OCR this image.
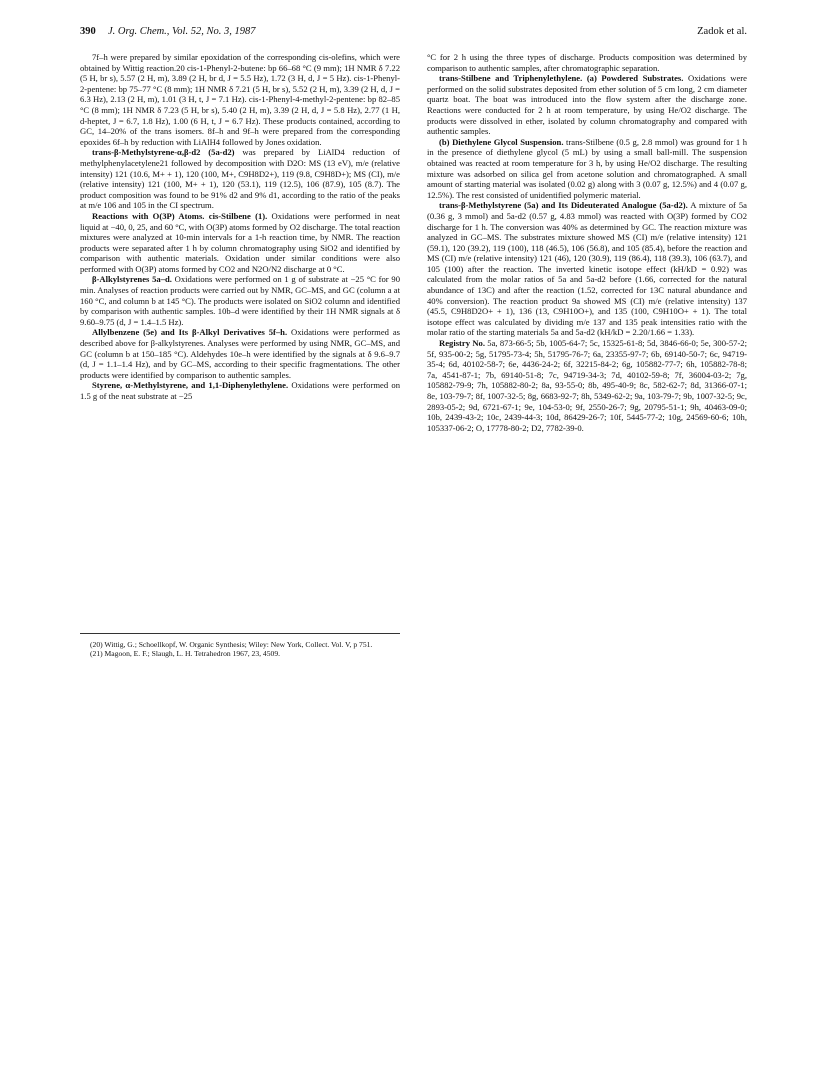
390 J. Org. Chem., Vol. 52, No. 3, 1987	Zadok et al.

7f–h were prepared by similar epoxidation of the corresponding cis-olefins, which were obtained by Wittig reaction.20 cis-1-Phenyl-2-butene: bp 66–68 °C (9 mm); 1H NMR δ 7.22 (5 H, br s), 5.57 (2 H, m), 3.89 (2 H, br d, J = 5.5 Hz), 1.72 (3 H, d, J = 5 Hz). cis-1-Phenyl-2-pentene: bp 75–77 °C (8 mm); 1H NMR δ 7.21 (5 H, br s), 5.52 (2 H, m), 3.39 (2 H, d, J = 6.3 Hz), 2.13 (2 H, m), 1.01 (3 H, t, J = 7.1 Hz). cis-1-Phenyl-4-methyl-2-pentene: bp 82–85 °C (8 mm); 1H NMR δ 7.23 (5 H, br s), 5.40 (2 H, m), 3.39 (2 H, d, J = 5.8 Hz), 2.77 (1 H, d-heptet, J = 6.7, 1.8 Hz), 1.00 (6 H, t, J = 6.7 Hz). These products contained, according to GC, 14–20% of the trans isomers. 8f–h and 9f–h were prepared from the corresponding epoxides 6f–h by reduction with LiAlH4 followed by Jones oxidation.

trans-β-Methylstyrene-α,β-d2 (5a-d2) was prepared by LiAlD4 reduction of methylphenylacetylene21 followed by decomposition with D2O: MS (13 eV), m/e (relative intensity) 121 (10.6, M+ + 1), 120 (100, M+, C9H8D2+), 119 (9.8, C9H8D+); MS (CI), m/e (relative intensity) 121 (100, M+ + 1), 120 (53.1), 119 (12.5), 106 (87.9), 105 (8.7). The product composition was found to be 91% d2 and 9% d1, according to the ratio of the peaks at m/e 106 and 105 in the CI spectrum.

Reactions with O(3P) Atoms. cis-Stilbene (1). Oxidations were performed in neat liquid at −40, 0, 25, and 60 °C, with O(3P) atoms formed by O2 discharge. The total reaction mixtures were analyzed at 10-min intervals for a 1-h reaction time, by NMR. The reaction products were separated after 1 h by column chromatography using SiO2 and identified by comparison with authentic materials. Oxidation under similar conditions were also performed with O(3P) atoms formed by CO2 and N2O/N2 discharge at 0 °C.

β-Alkylstyrenes 5a–d. Oxidations were performed on 1 g of substrate at −25 °C for 90 min. Analyses of reaction products were carried out by NMR, GC–MS, and GC (column a at 160 °C, and column b at 145 °C). The products were isolated on SiO2 column and identified by comparison with authentic samples. 10b–d were identified by their 1H NMR signals at δ 9.60–9.75 (d, J = 1.4–1.5 Hz).

Allylbenzene (5e) and Its β-Alkyl Derivatives 5f–h. Oxidations were performed as described above for β-alkylstyrenes. Analyses were performed by using NMR, GC–MS, and GC (column b at 150–185 °C). Aldehydes 10e–h were identified by the signals at δ 9.6–9.7 (d, J = 1.1–1.4 Hz), and by GC–MS, according to their specific fragmentations. The other products were identified by comparison to authentic samples.

Styrene, α-Methylstyrene, and 1,1-Diphenylethylene. Oxidations were performed on 1.5 g of the neat substrate at −25

(20) Wittig, G.; Schoellkopf, W. Organic Synthesis; Wiley: New York, Collect. Vol. V, p 751.

(21) Magoon, E. F.; Slaugh, L. H. Tetrahedron 1967, 23, 4509.

°C for 2 h using the three types of discharge. Products composition was determined by comparison to authentic samples, after chromatographic separation.

trans-Stilbene and Triphenylethylene. (a) Powdered Substrates. Oxidations were performed on the solid substrates deposited from ether solution of 5 cm long, 2 cm diameter quartz boat. The boat was introduced into the flow system after the discharge zone. Reactions were conducted for 2 h at room temperature, by using He/O2 discharge. The products were dissolved in ether, isolated by column chromatography and compared with authentic samples.

(b) Diethylene Glycol Suspension. trans-Stilbene (0.5 g, 2.8 mmol) was ground for 1 h in the presence of diethylene glycol (5 mL) by using a small ball-mill. The suspension obtained was reacted at room temperature for 3 h, by using He/O2 discharge. The resulting mixture was adsorbed on silica gel from acetone solution and chromatographed. A small amount of starting material was isolated (0.02 g) along with 3 (0.07 g, 12.5%) and 4 (0.07 g, 12.5%). The rest consisted of unidentified polymeric material.

trans-β-Methylstyrene (5a) and Its Dideuterated Analogue (5a-d2). A mixture of 5a (0.36 g, 3 mmol) and 5a-d2 (0.57 g, 4.83 mmol) was reacted with O(3P) formed by CO2 discharge for 1 h. The conversion was 40% as determined by GC. The reaction mixture was analyzed in GC–MS. The substrates mixture showed MS (CI) m/e (relative intensity) 121 (59.1), 120 (39.2), 119 (100), 118 (46.5), 106 (56.8), and 105 (85.4), before the reaction and MS (CI) m/e (relative intensity) 121 (46), 120 (30.9), 119 (86.4), 118 (39.3), 106 (63.7), and 105 (100) after the reaction. The inverted kinetic isotope effect (kH/kD = 0.92) was calculated from the molar ratios of 5a and 5a-d2 before (1.66, corrected for the natural abundance of 13C) and after the reaction (1.52, corrected for 13C natural abundance and 40% conversion). The reaction product 9a showed MS (CI) m/e (relative intensity) 137 (45.5, C9H8D2O+ + 1), 136 (13, C9H10O+), and 135 (100, C9H10O+ + 1). The total isotope effect was calculated by dividing m/e 137 and 135 peak intensities ratio with the molar ratio of the starting materials 5a and 5a-d2 (kH/kD = 2.20/1.66 = 1.33).

Registry No. 5a, 873-66-5; 5b, 1005-64-7; 5c, 15325-61-8; 5d, 3846-66-0; 5e, 300-57-2; 5f, 935-00-2; 5g, 51795-73-4; 5h, 51795-76-7; 6a, 23355-97-7; 6b, 69140-50-7; 6c, 94719-35-4; 6d, 40102-58-7; 6e, 4436-24-2; 6f, 32215-84-2; 6g, 105882-77-7; 6h, 105882-78-8; 7a, 4541-87-1; 7b, 69140-51-8; 7c, 94719-34-3; 7d, 40102-59-8; 7f, 36004-03-2; 7g, 105882-79-9; 7h, 105882-80-2; 8a, 93-55-0; 8b, 495-40-9; 8c, 582-62-7; 8d, 31366-07-1; 8e, 103-79-7; 8f, 1007-32-5; 8g, 6683-92-7; 8h, 5349-62-2; 9a, 103-79-7; 9b, 1007-32-5; 9c, 2893-05-2; 9d, 6721-67-1; 9e, 104-53-0; 9f, 2550-26-7; 9g, 20795-51-1; 9h, 40463-09-0; 10b, 2439-43-2; 10c, 2439-44-3; 10d, 86429-26-7; 10f, 5445-77-2; 10g, 24569-60-6; 10h, 105337-06-2; O, 17778-80-2; D2, 7782-39-0.
